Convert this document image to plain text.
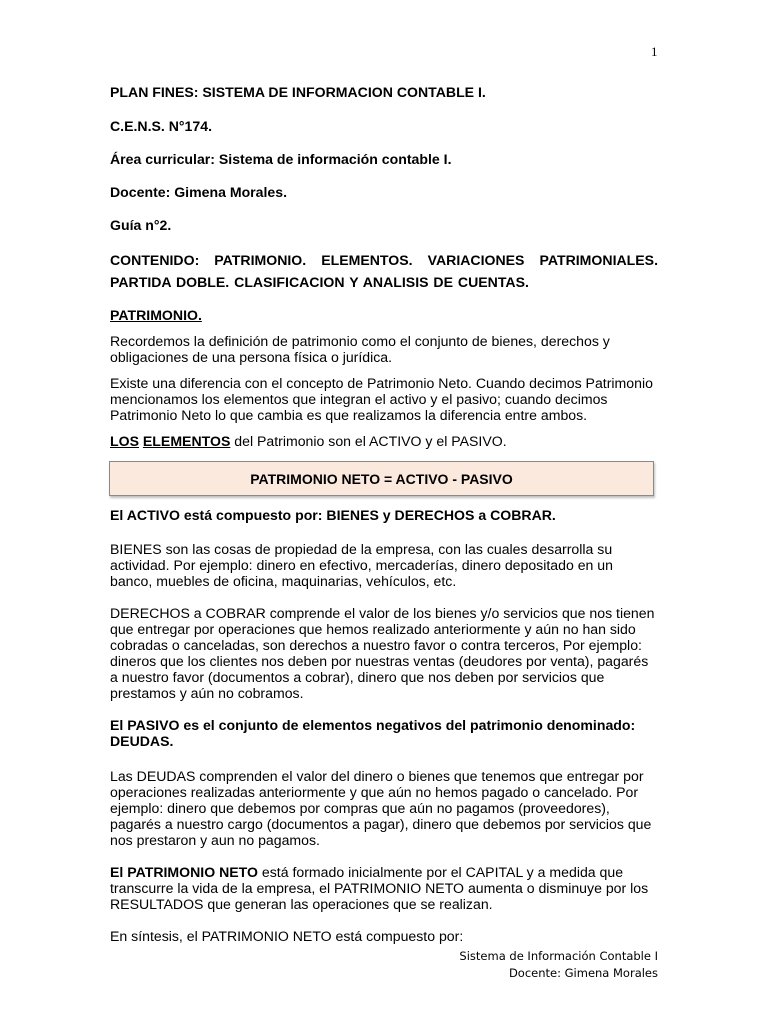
1

PLAN FINES: SISTEMA DE INFORMACION CONTABLE I.

C.E.N.S. N°174.

Área curricular: Sistema de información contable I.

Docente: Gimena Morales.

Guía n°2.

CONTENIDO: PATRIMONIO. ELEMENTOS. VARIACIONES PATRIMONIALES. PARTIDA DOBLE. CLASIFICACION Y ANALISIS DE CUENTAS.

PATRIMONIO.

Recordemos la definición de patrimonio como el conjunto de bienes, derechos y obligaciones de una persona física o jurídica.

Existe una diferencia con el concepto de Patrimonio Neto. Cuando decimos Patrimonio mencionamos los elementos que integran el activo y el pasivo; cuando decimos Patrimonio Neto lo que cambia es que realizamos la diferencia entre ambos.

LOS ELEMENTOS del Patrimonio son el ACTIVO y el PASIVO.

PATRIMONIO NETO = ACTIVO - PASIVO

El ACTIVO está compuesto por: BIENES y DERECHOS a COBRAR.

BIENES son las cosas de propiedad de la empresa, con las cuales desarrolla su actividad. Por ejemplo: dinero en efectivo, mercaderías, dinero depositado en un banco, muebles de oficina, maquinarias, vehículos, etc.

DERECHOS a COBRAR comprende el valor de los bienes y/o servicios que nos tienen que entregar por operaciones que hemos realizado anteriormente y aún no han sido cobradas o canceladas, son derechos a nuestro favor o contra terceros, Por ejemplo: dineros que los clientes nos deben por nuestras ventas (deudores por venta), pagarés a nuestro favor (documentos a cobrar), dinero que nos deben por servicios que prestamos y aún no cobramos.

El PASIVO es el conjunto de elementos negativos del patrimonio denominado: DEUDAS.

Las DEUDAS comprenden el valor del dinero o bienes que tenemos que entregar por operaciones realizadas anteriormente y que aún no hemos pagado o cancelado. Por ejemplo: dinero que debemos por compras que aún no pagamos (proveedores), pagarés a nuestro cargo (documentos a pagar), dinero que debemos por servicios que nos prestaron y aun no pagamos.

El PATRIMONIO NETO está formado inicialmente por el CAPITAL y a medida que transcurre la vida de la empresa, el PATRIMONIO NETO aumenta o disminuye por los RESULTADOS que generan las operaciones que se realizan.

En síntesis, el PATRIMONIO NETO está compuesto por:

Sistema de Información Contable I
Docente: Gimena Morales
